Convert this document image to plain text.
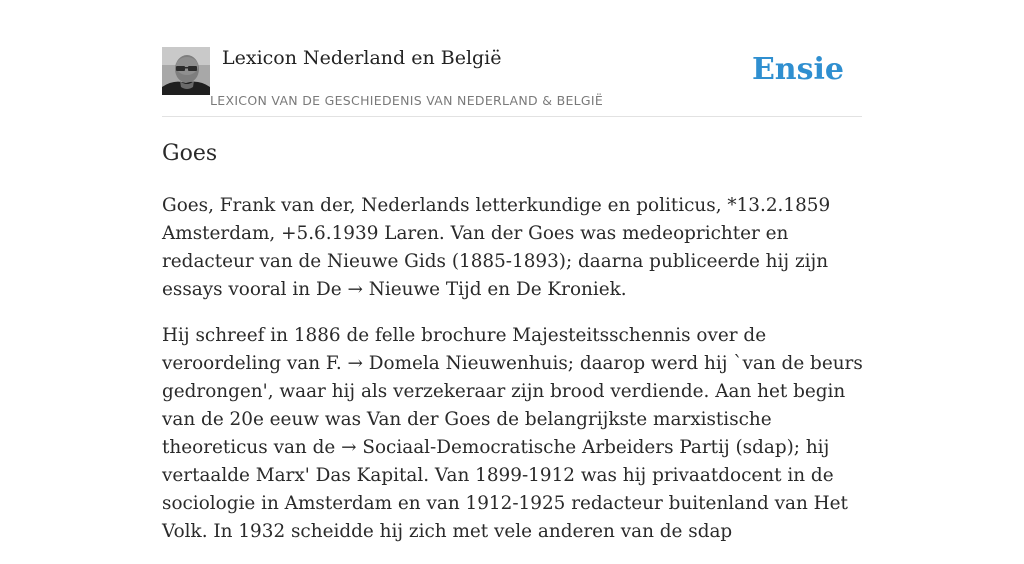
Lexicon Nederland en België
LEXICON VAN DE GESCHIEDENIS VAN NEDERLAND & BELGIË
Ensie
Goes

Goes, Frank van der, Nederlands letterkundige en politicus, *13.2.1859 Amsterdam, +5.6.1939 Laren. Van der Goes was medeoprichter en redacteur van de Nieuwe Gids (1885-1893); daarna publiceerde hij zijn essays vooral in De → Nieuwe Tijd en De Kroniek.

Hij schreef in 1886 de felle brochure Majesteitsschennis over de veroordeling van F. → Domela Nieuwenhuis; daarop werd hij `van de beurs gedrongen', waar hij als verzekeraar zijn brood verdiende. Aan het begin van de 20e eeuw was Van der Goes de belangrijkste marxistische theoreticus van de → Sociaal-Democratische Arbeiders Partij (sdap); hij vertaalde Marx' Das Kapital. Van 1899-1912 was hij privaatdocent in de sociologie in Amsterdam en van 1912-1925 redacteur buitenland van Het Volk. In 1932 scheidde hij zich met vele anderen van de sdap
